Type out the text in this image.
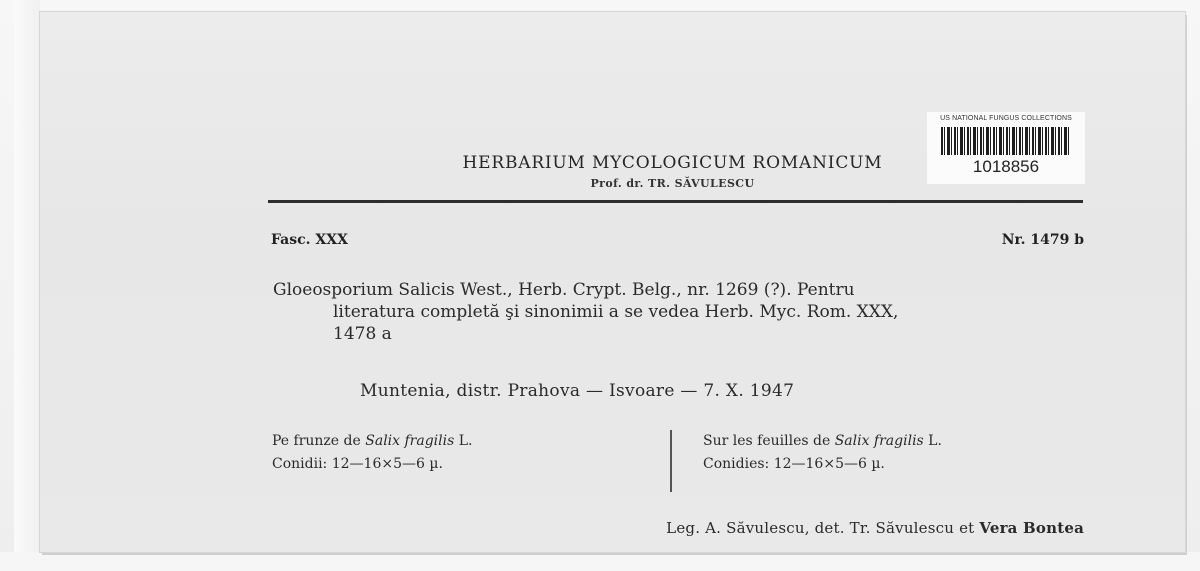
US NATIONAL FUNGUS COLLECTIONS
1018856
HERBARIUM MYCOLOGICUM ROMANICUM
Prof. dr. TR. SĂVULESCU
Fasc. XXX	Nr. 1479 b
Gloeosporium Salicis West., Herb. Crypt. Belg., nr. 1269 (?). Pentru
literatura completă şi sinonimii a se vedea Herb. Myc. Rom. XXX,
1478 a
Muntenia, distr. Prahova — Isvoare — 7. X. 1947
Pe frunze de Salix fragilis L.
Conidii: 12—16×5—6 µ.
Sur les feuilles de Salix fragilis L.
Conidies: 12—16×5—6 µ.
Leg. A. Săvulescu, det. Tr. Săvulescu et Vera Bontea
